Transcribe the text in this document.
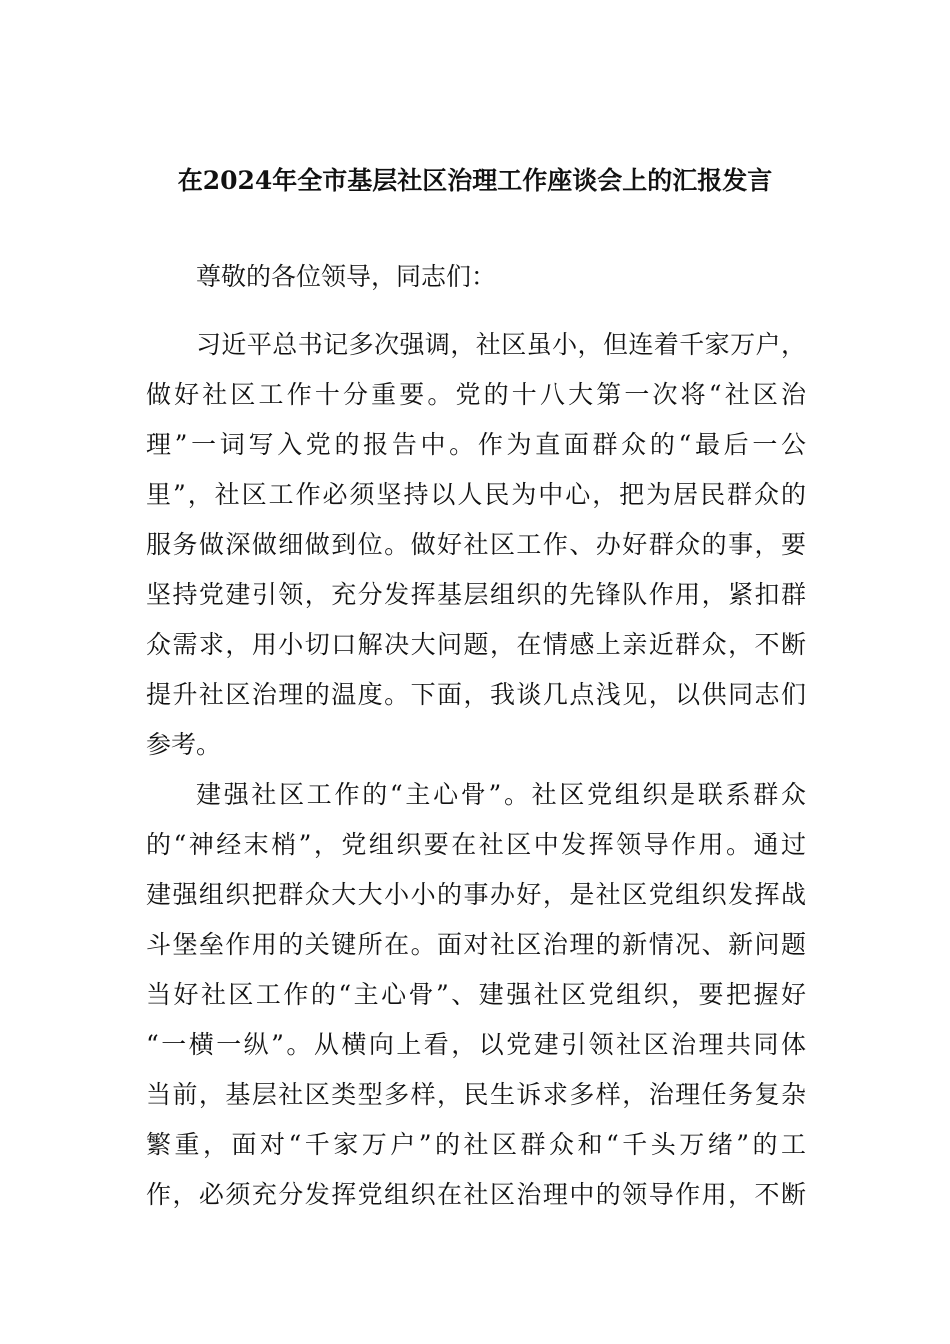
在2024年全市基层社区治理工作座谈会上的汇报发言
尊敬的各位领导，同志们：
习近平总书记多次强调，社区虽小，但连着千家万户，
做好社区工作十分重要。党的十八大第一次将“社区治
理”一词写入党的报告中。作为直面群众的“最后一公
里”，社区工作必须坚持以人民为中心，把为居民群众的
服务做深做细做到位。做好社区工作、办好群众的事，要
坚持党建引领，充分发挥基层组织的先锋队作用，紧扣群
众需求，用小切口解决大问题，在情感上亲近群众，不断
提升社区治理的温度。下面，我谈几点浅见，以供同志们
参考。
建强社区工作的“主心骨”。社区党组织是联系群众
的“神经末梢”，党组织要在社区中发挥领导作用。通过
建强组织把群众大大小小的事办好，是社区党组织发挥战
斗堡垒作用的关键所在。面对社区治理的新情况、新问题
当好社区工作的“主心骨”、建强社区党组织，要把握好
“一横一纵”。从横向上看，以党建引领社区治理共同体
当前，基层社区类型多样，民生诉求多样，治理任务复杂
繁重，面对“千家万户”的社区群众和“千头万绪”的工
作，必须充分发挥党组织在社区治理中的领导作用，不断
